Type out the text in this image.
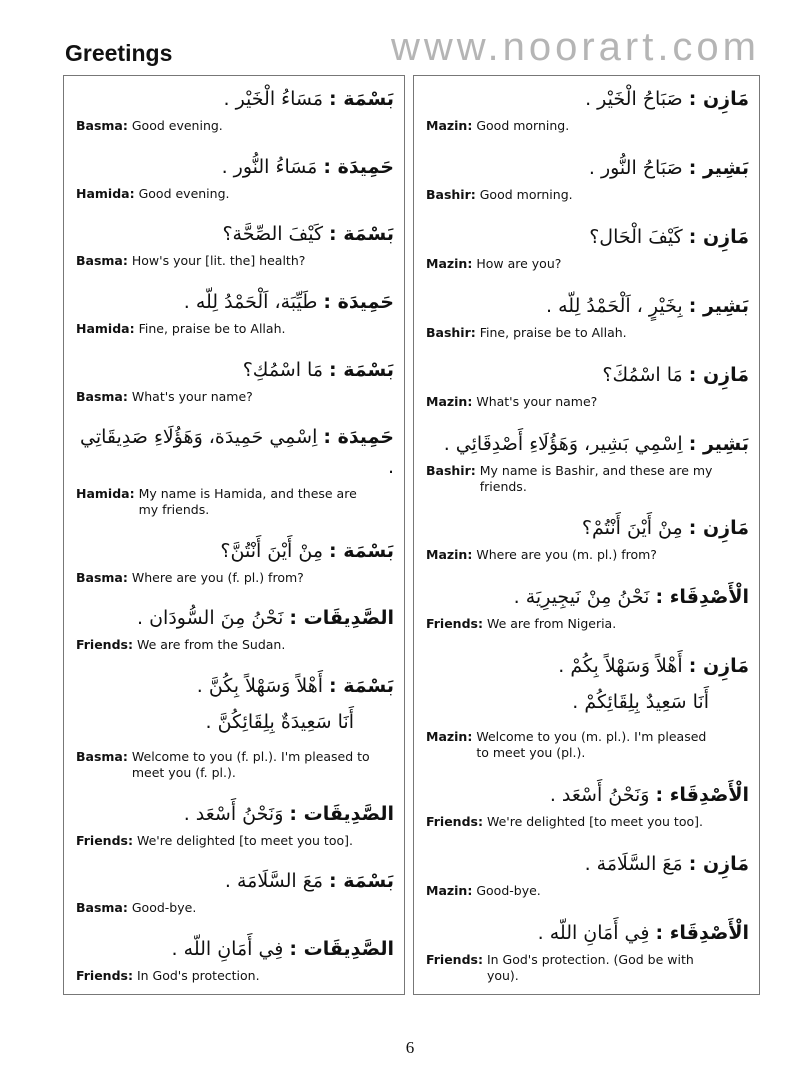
Greetings	www.noorart.com
بَسْمَة : مَسَاءُ الْخَيْر .
Basma: Good evening.
حَمِيدَة : مَسَاءُ النُّور .
Hamida: Good evening.
بَسْمَة : كَيْفَ الصِّحَّة؟
Basma: How's your [lit. the] health?
حَمِيدَة : طَيِّبَة، اَلْحَمْدُ لِلّه .
Hamida: Fine, praise be to Allah.
بَسْمَة : مَا اسْمُكِ؟
Basma: What's your name?
حَمِيدَة : اِسْمِي حَمِيدَة، وَهَؤُلَاءِ صَدِيقَاتِي .
Hamida: My name is Hamida, and these are my friends.
بَسْمَة : مِنْ أَيْنَ أَنْتُنَّ؟
Basma: Where are you (f. pl.) from?
الصَّدِيقَات : نَحْنُ مِنَ السُّودَان .
Friends: We are from the Sudan.
بَسْمَة : أَهْلاً وَسَهْلاً بِكُنَّ .
أَنَا سَعِيدَةٌ بِلِقَائِكُنَّ .
Basma: Welcome to you (f. pl.). I'm pleased to meet you (f. pl.).
الصَّدِيقَات : وَنَحْنُ أَسْعَد .
Friends: We're delighted [to meet you too].
بَسْمَة : مَعَ السَّلَامَة .
Basma: Good-bye.
الصَّدِيقَات : فِي أَمَانِ اللّه .
Friends: In God's protection.
مَازِن : صَبَاحُ الْخَيْر .
Mazin: Good morning.
بَشِير : صَبَاحُ النُّور .
Bashir: Good morning.
مَازِن : كَيْفَ الْحَال؟
Mazin: How are you?
بَشِير : بِخَيْرٍ ، اَلْحَمْدُ لِلّه .
Bashir: Fine, praise be to Allah.
مَازِن : مَا اسْمُكَ؟
Mazin: What's your name?
بَشِير : اِسْمِي بَشِير، وَهَؤُلَاءِ أَصْدِقَائِي .
Bashir: My name is Bashir, and these are my friends.
مَازِن : مِنْ أَيْنَ أَنْتُمْ؟
Mazin: Where are you (m. pl.) from?
الْأَصْدِقَاء : نَحْنُ مِنْ نَيجِيرِيَة .
Friends: We are from Nigeria.
مَازِن : أَهْلاً وَسَهْلاً بِكُمْ .
أَنَا سَعِيدٌ بِلِقَائِكُمْ .
Mazin: Welcome to you (m. pl.). I'm pleased to meet you (pl.).
الْأَصْدِقَاء : وَنَحْنُ أَسْعَد .
Friends: We're delighted [to meet you too].
مَازِن : مَعَ السَّلَامَة .
Mazin: Good-bye.
الْأَصْدِقَاء : فِي أَمَانِ اللّه .
Friends: In God's protection. (God be with you).
6
